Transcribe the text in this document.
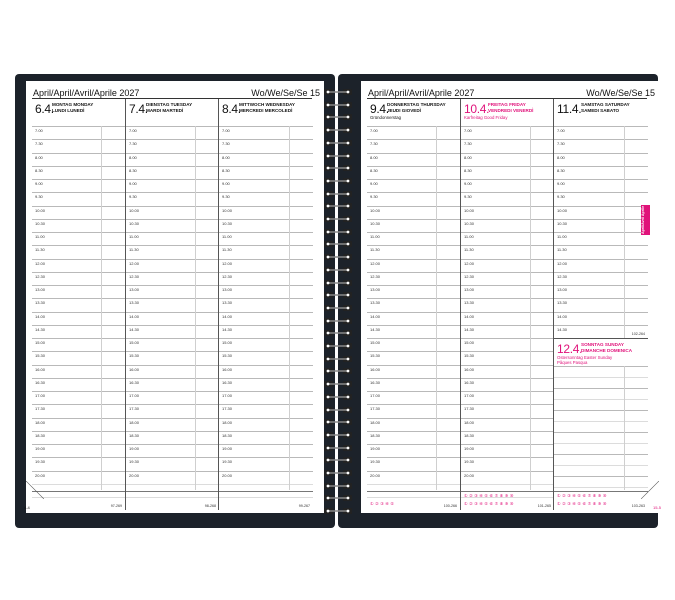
April/April/Avril/Aprile 2027	Wo/We/Se/Se 15
6.4.
MONTAG MONDAY
LUNDI LUNEDÌ
7.00
7.30
8.00
8.30
9.00
9.30
10.00
10.30
11.00
11.30
12.00
12.30
13.00
13.30
14.00
14.30
15.00
15.30
16.00
16.30
17.00
17.30
18.00
18.30
19.00
19.30
20.00
97-269
7.4.
DIENSTAG TUESDAY
MARDI MARTEDÌ
7.00
7.30
8.00
8.30
9.00
9.30
10.00
10.30
11.00
11.30
12.00
12.30
13.00
13.30
14.00
14.30
15.00
15.30
16.00
16.30
17.00
17.30
18.00
18.30
19.00
19.30
20.00
98-268
8.4.
MITTWOCH WEDNESDAY
MERCREDI MERCOLEDÌ
7.00
7.30
8.00
8.30
9.00
9.30
10.00
10.30
11.00
11.30
12.00
12.30
13.00
13.30
14.00
14.30
15.00
15.30
16.00
16.30
17.00
17.30
18.00
18.30
19.00
19.30
20.00
99-267
4-4
April/April/Avril/Aprile 2027	Wo/We/Se/Se 15
9.4.
DONNERSTAG THURSDAY
JEUDI GIOVEDÌ
Gründonnerstag
7.00
7.30
8.00
8.30
9.00
9.30
10.00
10.30
11.00
11.30
12.00
12.30
13.00
13.30
14.00
14.30
15.00
15.30
16.00
16.30
17.00
17.30
18.00
18.30
19.00
19.30
20.00
100-266
① ② ③ ④ ⑤
10.4.
FREITAG FRIDAY
VENDREDI VENERDÌ
Karfreitag Good Friday
7.00
7.30
8.00
8.30
9.00
9.30
10.00
10.30
11.00
11.30
12.00
12.30
13.00
13.30
14.00
14.30
15.00
15.30
16.00
16.30
17.00
17.30
18.00
18.30
19.00
19.30
20.00
101-265
① ② ③ ④ ⑤ ⑥ ⑦ ⑧ ⑨ ⑩
① ② ③ ④ ⑤ ⑥ ⑦ ⑧ ⑨ ⑩
11.4. SAMSTAG SATURDAY
SAMEDI SABATO
7.00
7.30
8.00
8.30
9.00
9.30
10.00
10.30
11.00
11.30
12.00
12.30
13.00
13.30
14.00
14.30
102-264
12.4.
SONNTAG SUNDAY
DIMANCHE DOMENICA
Ostersonntag Easter Sunday
Pâques Pasqua
103-263
① ② ③ ④ ⑤ ⑥ ⑦ ⑧ ⑨ ⑩
① ② ③ ④ ⑤ ⑥ ⑦ ⑧ ⑨ ⑩
15-5
April/Avril Aprile
